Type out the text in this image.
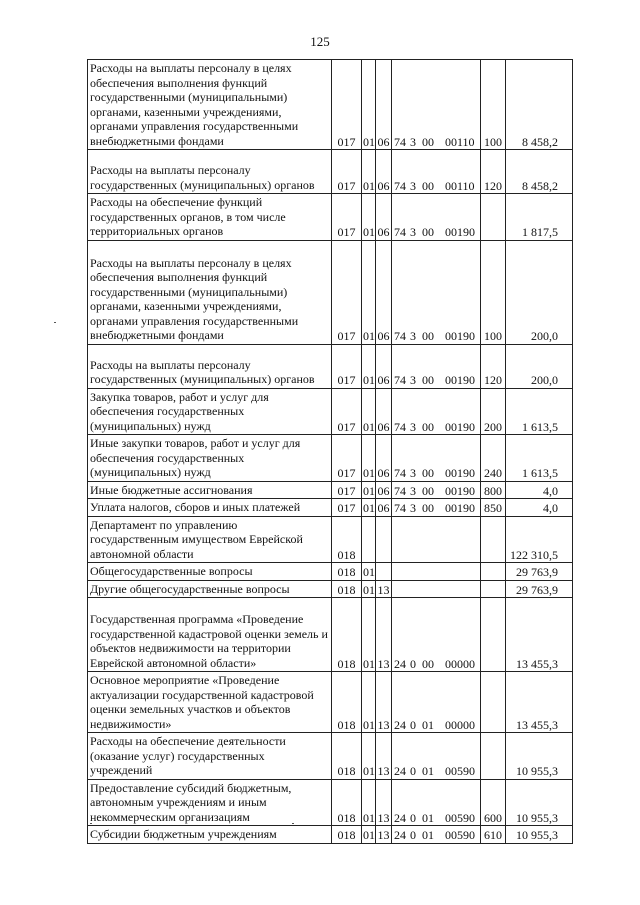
125
Расходы на выплаты персоналу в целях обеспечения выполнения функций государственными (муниципальными) органами, казенными учреждениями, органами управления государственными внебюджетными фондами	017	01	06	74 3 00 00110	100	8 458,2
Расходы на выплаты персоналу государственных (муниципальных) органов	017	01	06	74 3 00 00110	120	8 458,2
Расходы на обеспечение функций государственных органов, в том числе территориальных органов	017	01	06	74 3 00 00190		1 817,5
Расходы на выплаты персоналу в целях обеспечения выполнения функций государственными (муниципальными) органами, казенными учреждениями, органами управления государственными внебюджетными фондами	017	01	06	74 3 00 00190	100	200,0
Расходы на выплаты персоналу государственных (муниципальных) органов	017	01	06	74 3 00 00190	120	200,0
Закупка товаров, работ и услуг для обеспечения государственных (муниципальных) нужд	017	01	06	74 3 00 00190	200	1 613,5
Иные закупки товаров, работ и услуг для обеспечения государственных (муниципальных) нужд	017	01	06	74 3 00 00190	240	1 613,5
Иные бюджетные ассигнования	017	01	06	74 3 00 00190	800	4,0
Уплата налогов, сборов и иных платежей	017	01	06	74 3 00 00190	850	4,0
Департамент по управлению государственным имуществом Еврейской автономной области	018					122 310,5
Общегосударственные вопросы	018	01				29 763,9
Другие общегосударственные вопросы	018	01	13			29 763,9
Государственная программа «Проведение государственной кадастровой оценки земель и объектов недвижимости на территории Еврейской автономной области»	018	01	13	24 0 00 00000		13 455,3
Основное мероприятие «Проведение актуализации государственной кадастровой оценки земельных участков и объектов недвижимости»	018	01	13	24 0 01 00000		13 455,3
Расходы на обеспечение деятельности (оказание услуг) государственных учреждений	018	01	13	24 0 01 00590		10 955,3
Предоставление субсидий бюджетным, автономным учреждениям и иным некоммерческим организациям	018	01	13	24 0 01 00590	600	10 955,3
Субсидии бюджетным учреждениям	018	01	13	24 0 01 00590	610	10 955,3
